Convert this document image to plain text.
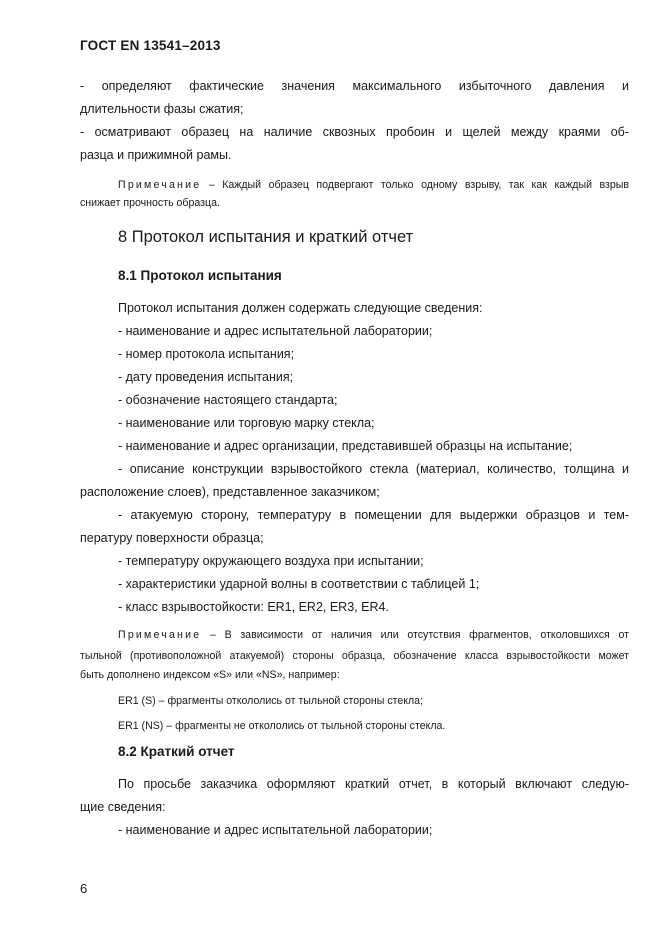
ГОСТ EN 13541–2013
- определяют фактические значения максимального избыточного давления и
длительности фазы сжатия;
- осматривают образец на наличие сквозных пробоин и щелей между краями об-
разца и прижимной рамы.
Примечание – Каждый образец подвергают только одному взрыву, так как каждый взрыв
снижает прочность образца.
8 Протокол испытания и краткий отчет
8.1 Протокол испытания
Протокол испытания должен содержать следующие сведения:
- наименование и адрес испытательной лаборатории;
- номер протокола испытания;
- дату проведения испытания;
- обозначение настоящего стандарта;
- наименование или торговую марку стекла;
- наименование и адрес организации, представившей образцы на испытание;
- описание конструкции взрывостойкого стекла (материал, количество, толщина и
расположение слоев), представленное заказчиком;
- атакуемую сторону, температуру в помещении для выдержки образцов и тем-
пературу поверхности образца;
- температуру окружающего воздуха при испытании;
- характеристики ударной волны в соответствии с таблицей 1;
- класс взрывостойкости: ER1, ER2, ER3, ER4.
Примечание – В зависимости от наличия или отсутствия фрагментов, отколовшихся от
тыльной (противоположной атакуемой) стороны образца, обозначение класса взрывостойкости может
быть дополнено индексом «S» или «NS», например:
ER1 (S) – фрагменты откололись от тыльной стороны стекла;
ER1 (NS) – фрагменты не откололись от тыльной стороны стекла.
8.2 Краткий отчет
По просьбе заказчика оформляют краткий отчет, в который включают следую-
щие сведения:
- наименование и адрес испытательной лаборатории;
6
